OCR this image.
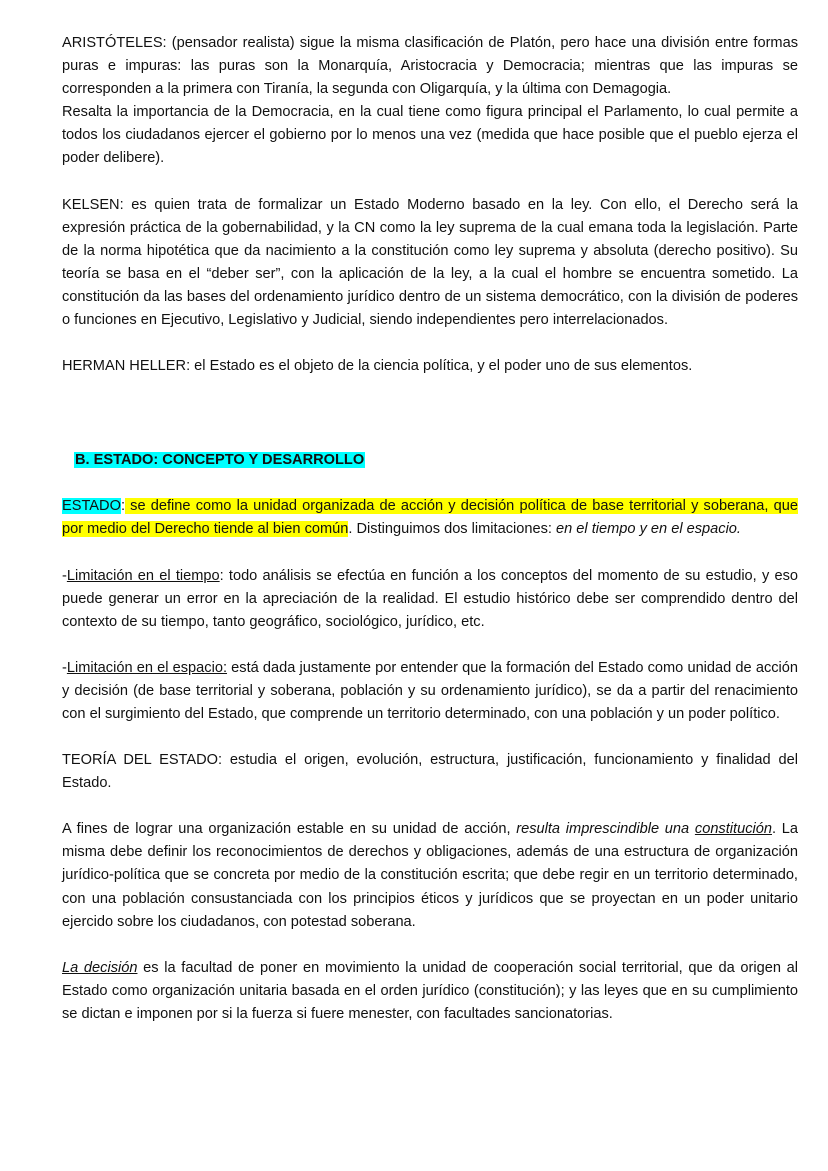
ARISTÓTELES: (pensador realista) sigue la misma clasificación de Platón, pero hace una división entre formas puras e impuras: las puras son la Monarquía, Aristocracia y Democracia; mientras que las impuras se corresponden a la primera con Tiranía, la segunda con Oligarquía, y la última con Demagogia.
Resalta la importancia de la Democracia, en la cual tiene como figura principal el Parlamento, lo cual permite a todos los ciudadanos ejercer el gobierno por lo menos una vez (medida que hace posible que el pueblo ejerza el poder delibere).

KELSEN: es quien trata de formalizar un Estado Moderno basado en la ley. Con ello, el Derecho será la expresión práctica de la gobernabilidad, y la CN como la ley suprema de la cual emana toda la legislación. Parte de la norma hipotética que da nacimiento a la constitución como ley suprema y absoluta (derecho positivo). Su teoría se basa en el “deber ser”, con la aplicación de la ley, a la cual el hombre se encuentra sometido. La constitución da las bases del ordenamiento jurídico dentro de un sistema democrático, con la división de poderes o funciones en Ejecutivo, Legislativo y Judicial, siendo independientes pero interrelacionados.

HERMAN HELLER: el Estado es el objeto de la ciencia política, y el poder uno de sus elementos.

B. ESTADO: CONCEPTO Y DESARROLLO

ESTADO: se define como la unidad organizada de acción y decisión política de base territorial y soberana, que por medio del Derecho tiende al bien común. Distinguimos dos limitaciones: en el tiempo y en el espacio.

-Limitación en el tiempo: todo análisis se efectúa en función a los conceptos del momento de su estudio, y eso puede generar un error en la apreciación de la realidad. El estudio histórico debe ser comprendido dentro del contexto de su tiempo, tanto geográfico, sociológico, jurídico, etc.

-Limitación en el espacio: está dada justamente por entender que la formación del Estado como unidad de acción y decisión (de base territorial y soberana, población y su ordenamiento jurídico), se da a partir del renacimiento con el surgimiento del Estado, que comprende un territorio determinado, con una población y un poder político.

TEORÍA DEL ESTADO: estudia el origen, evolución, estructura, justificación, funcionamiento y finalidad del Estado.

A fines de lograr una organización estable en su unidad de acción, resulta imprescindible una constitución. La misma debe definir los reconocimientos de derechos y obligaciones, además de una estructura de organización jurídico-política que se concreta por medio de la constitución escrita; que debe regir en un territorio determinado, con una población consustanciada con los principios éticos y jurídicos que se proyectan en un poder unitario ejercido sobre los ciudadanos, con potestad soberana.

La decisión es la facultad de poner en movimiento la unidad de cooperación social territorial, que da origen al Estado como organización unitaria basada en el orden jurídico (constitución); y las leyes que en su cumplimiento se dictan e imponen por si la fuerza si fuere menester, con facultades sancionatorias.
